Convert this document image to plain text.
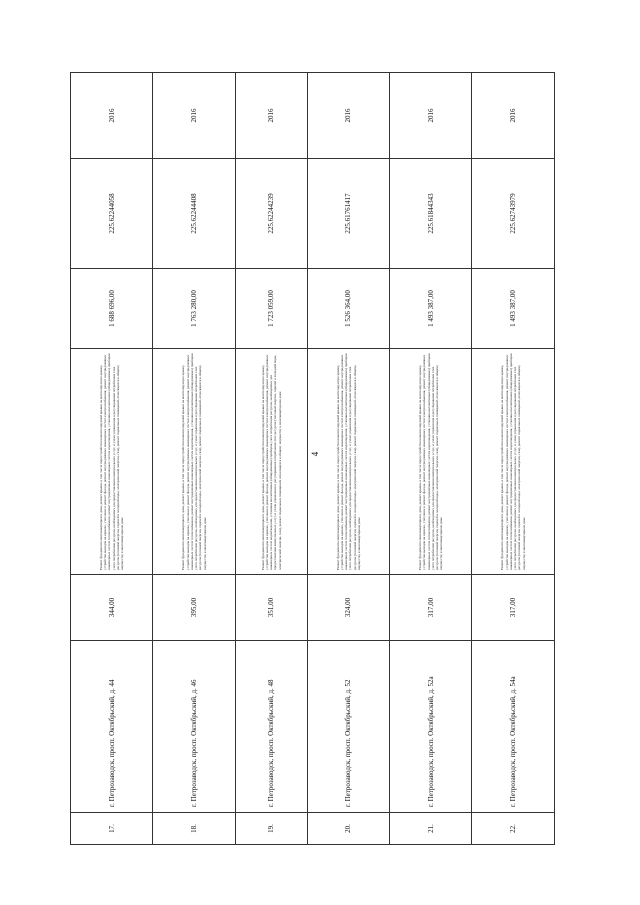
4
17.	г. Петрозаводск, просп. Октябрьский, д. 44	344,00	Ремонт фундамента многоквартирного дома, ремонт крыши, в том числе переустройство невентилируемой крыши на вентилируемую крышу, устройство выходов на кровлю, утепление и ремонт фасада, ремонт внутридомовых инженерных систем электроснабжения, ремонт внутридомовых инженерных систем теплоснабжения, ремонт внутридомовых инженерных систем водоотведения, установка коллективных (общедомовых) приборов учета потребления ресурсов, необходимых для предоставления коммунальных услуг, и узлов управления и регулирования потребления этих ресурсов (тепловой энергии, горячей и холодной воды, электрической энергии, газа), ремонт подвальных помещений, относящихся к общему имуществу в многоквартирном доме	1 688 696,00	225.62244058	2016
18.	г. Петрозаводск, просп. Октябрьский, д. 46	395,00	Ремонт фундамента многоквартирного дома, ремонт крыши, в том числе переустройство невентилируемой крыши на вентилируемую крышу, устройство выходов на кровлю, утепление и ремонт фасада, ремонт внутридомовых инженерных систем электроснабжения, ремонт внутридомовых инженерных систем теплоснабжения, ремонт внутридомовых инженерных систем водоотведения, установка коллективных (общедомовых) приборов учета потребления ресурсов, необходимых для предоставления коммунальных услуг, и узлов управления и регулирования потребления этих ресурсов (тепловой энергии, горячей и холодной воды, электрической энергии, газа), ремонт подвальных помещений, относящихся к общему имуществу в многоквартирном доме	1 763 280,00	225.62244408	2016
19.	г. Петрозаводск, просп. Октябрьский, д. 48	351,00	Ремонт фундамента многоквартирного дома, ремонт крыши, в том числе переустройство невентилируемой крыши на вентилируемую крышу, устройство выходов на кровлю, утепление и ремонт фасада, ремонт внутридомовых инженерных систем электроснабжения, ремонт внутридомовых инженерных систем водоотведения, установка коллективных (общедомовых) приборов учета потребления ресурсов, необходимых для предоставления коммунальных услуг, и узлов управления и регулирования потребления этих ресурсов (тепловой энергии, горячей и холодной воды, электрической энергии, газа), ремонт подвальных помещений, относящихся к общему имуществу в многоквартирном доме	1 723 059,00	225.62244239	2016
20.	г. Петрозаводск, просп. Октябрьский, д. 52	324,00	Ремонт фундамента многоквартирного дома, ремонт крыши, в том числе переустройство невентилируемой крыши на вентилируемую крышу, устройство выходов на кровлю, утепление и ремонт фасада, ремонт внутридомовых инженерных систем электроснабжения, ремонт внутридомовых инженерных систем теплоснабжения, ремонт внутридомовых инженерных систем водоотведения, установка коллективных (общедомовых) приборов учета потребления ресурсов, необходимых для предоставления коммунальных услуг, и узлов управления и регулирования потребления этих ресурсов (тепловой энергии, горячей и холодной воды, электрической энергии, газа), ремонт подвальных помещений, относящихся к общему имуществу в многоквартирном доме	1 526 364,00	225.61761417	2016
21.	г. Петрозаводск, просп. Октябрьский, д. 52а	317,00	Ремонт фундамента многоквартирного дома, ремонт крыши, в том числе переустройство невентилируемой крыши на вентилируемую крышу, устройство выходов на кровлю, утепление и ремонт фасада, ремонт внутридомовых инженерных систем электроснабжения, ремонт внутридомовых инженерных систем теплоснабжения, ремонт внутридомовых инженерных систем водоотведения, установка коллективных (общедомовых) приборов учета потребления ресурсов, необходимых для предоставления коммунальных услуг, и узлов управления и регулирования потребления этих ресурсов (тепловой энергии, горячей и холодной воды, электрической энергии, газа), ремонт подвальных помещений, относящихся к общему имуществу в многоквартирном доме	1 493 387,00	225.61844343	2016
22.	г. Петрозаводск, просп. Октябрьский, д. 54а	317,00	Ремонт фундамента многоквартирного дома, ремонт крыши, в том числе переустройство невентилируемой крыши на вентилируемую крышу, устройство выходов на кровлю, утепление и ремонт фасада, ремонт внутридомовых инженерных систем электроснабжения, ремонт внутридомовых инженерных систем теплоснабжения, ремонт внутридомовых инженерных систем водоотведения, установка коллективных (общедомовых) приборов учета потребления ресурсов, необходимых для предоставления коммунальных услуг, и узлов управления и регулирования потребления этих ресурсов (тепловой энергии, горячей и холодной воды, электрической энергии, газа), ремонт подвальных помещений, относящихся к общему имуществу в многоквартирном доме	1 493 387,00	225.62743979	2016
